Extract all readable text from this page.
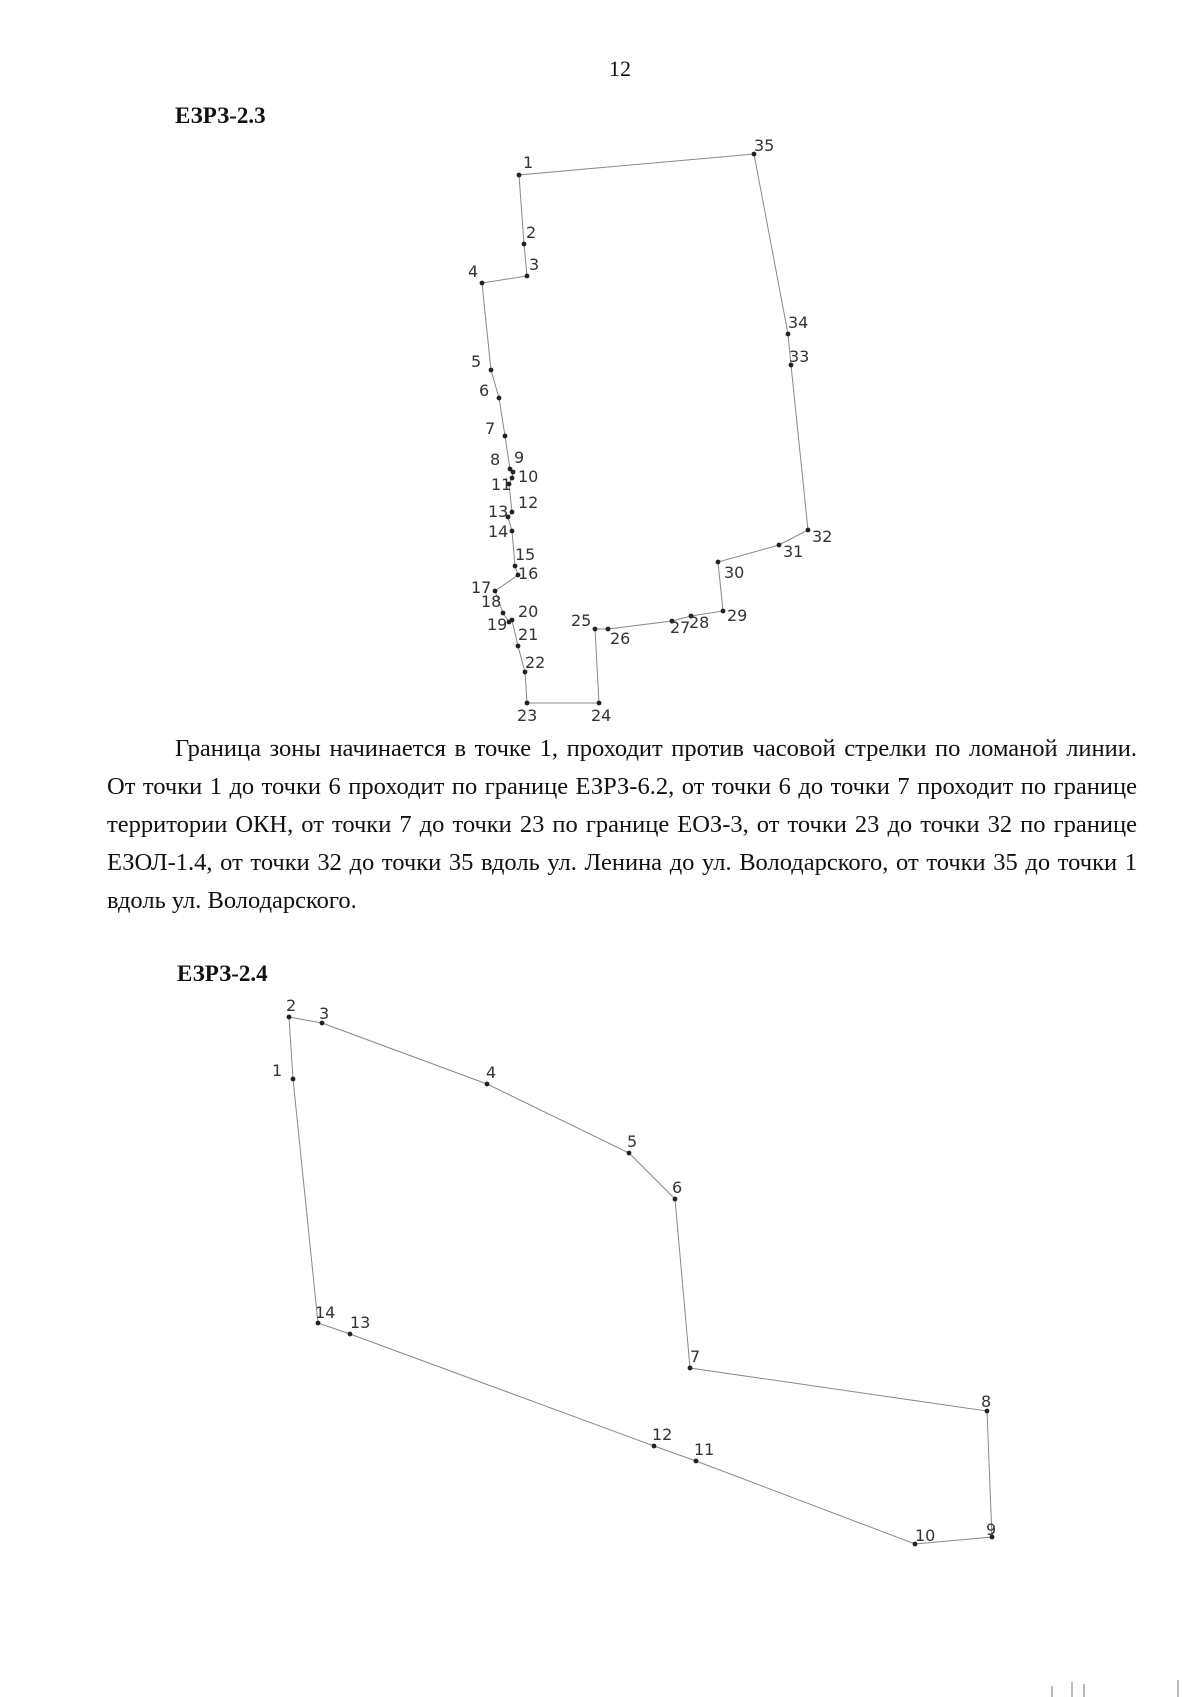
12
ЕЗРЗ-2.3
1
2
3
4
5
6
7
8 9
10
11
12
13
14
15
16
17
18
19
20
21
22
23	24
25
26
27
28 29
30
31
32
33
34
35

Граница зоны начинается в точке 1, проходит против часовой стрелки по ломаной линии. От точки 1 до точки 6 проходит по границе ЕЗРЗ-6.2, от точки 6 до точки 7 проходит по границе территории ОКН, от точки 7 до точки 23 по границе ЕОЗ-3, от точки 23 до точки 32 по границе ЕЗОЛ-1.4, от точки 32 до точки 35 вдоль ул. Ленина до ул. Володарского, от точки 35 до точки 1 вдоль ул. Володарского.

ЕЗРЗ-2.4
1
2 3
4
5
6
7
8
9
10
11
12
13
14
